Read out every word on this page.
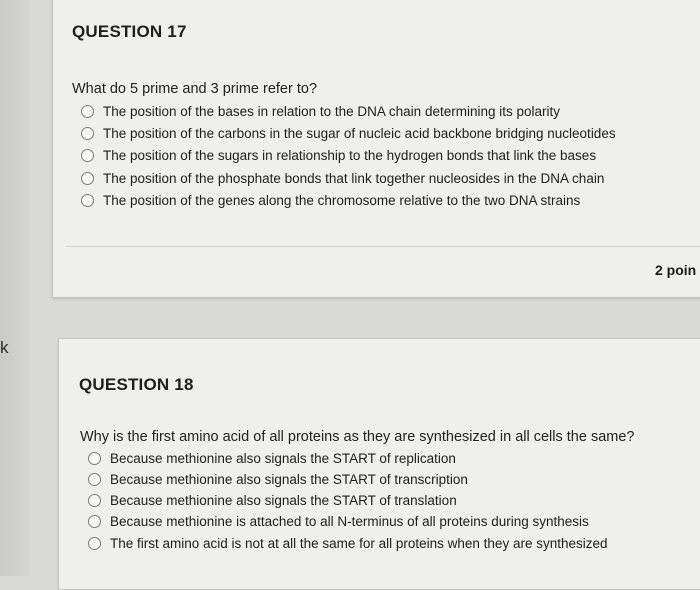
k
QUESTION 17
What do 5 prime and 3 prime refer to?
The position of the bases in relation to the DNA chain determining its polarity
The position of the carbons in the sugar of nucleic acid backbone bridging nucleotides
The position of the sugars in relationship to the hydrogen bonds that link the bases
The position of the phosphate bonds that link together nucleosides in the DNA chain
The position of the genes along the chromosome relative to the two DNA strains
2 poin
QUESTION 18
Why is the first amino acid of all proteins as they are synthesized in all cells the same?
Because methionine also signals the START of replication
Because methionine also signals the START of transcription
Because methionine also signals the START of translation
Because methionine is attached to all N-terminus of all proteins during synthesis
The first amino acid is not at all the same for all proteins when they are synthesized
